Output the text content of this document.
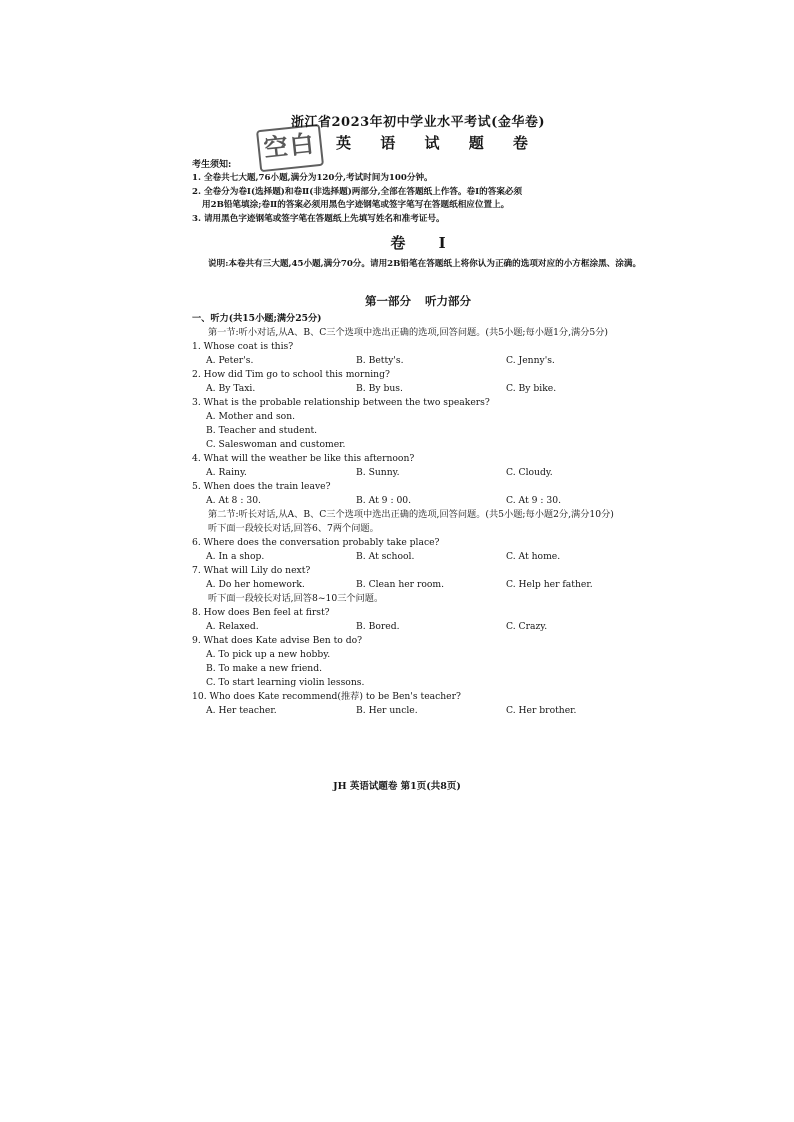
空白
浙江省2023年初中学业水平考试(金华卷)
英 语 试 题 卷
考生须知:
1. 全卷共七大题,76小题,满分为120分,考试时间为100分钟。
2. 全卷分为卷Ⅰ(选择题)和卷Ⅱ(非选择题)两部分,全部在答题纸上作答。卷Ⅰ的答案必须
用2B铅笔填涂;卷Ⅱ的答案必须用黑色字迹钢笔或签字笔写在答题纸相应位置上。
3. 请用黑色字迹钢笔或签字笔在答题纸上先填写姓名和准考证号。
卷 Ⅰ
说明:本卷共有三大题,45小题,满分70分。请用2B铅笔在答题纸上将你认为正确的选项对应的小方框涂黑、涂满。
第一部分 听力部分
一、听力(共15小题;满分25分)
第一节:听小对话,从A、B、C三个选项中选出正确的选项,回答问题。(共5小题;每小题1分,满分5分)
1. Whose coat is this?
A. Peter's.	B. Betty's.	C. Jenny's.
2. How did Tim go to school this morning?
A. By Taxi.	B. By bus.	C. By bike.
3. What is the probable relationship between the two speakers?
A. Mother and son.
B. Teacher and student.
C. Saleswoman and customer.
4. What will the weather be like this afternoon?
A. Rainy.	B. Sunny.	C. Cloudy.
5. When does the train leave?
A. At 8 : 30.	B. At 9 : 00.	C. At 9 : 30.
第二节:听长对话,从A、B、C三个选项中选出正确的选项,回答问题。(共5小题;每小题2分,满分10分)
听下面一段较长对话,回答6、7两个问题。
6. Where does the conversation probably take place?
A. In a shop.	B. At school.	C. At home.
7. What will Lily do next?
A. Do her homework.	B. Clean her room.	C. Help her father.
听下面一段较长对话,回答8~10三个问题。
8. How does Ben feel at first?
A. Relaxed.	B. Bored.	C. Crazy.
9. What does Kate advise Ben to do?
A. To pick up a new hobby.
B. To make a new friend.
C. To start learning violin lessons.
10. Who does Kate recommend(推荐) to be Ben's teacher?
A. Her teacher.	B. Her uncle.	C. Her brother.
JH 英语试题卷 第1页(共8页)
